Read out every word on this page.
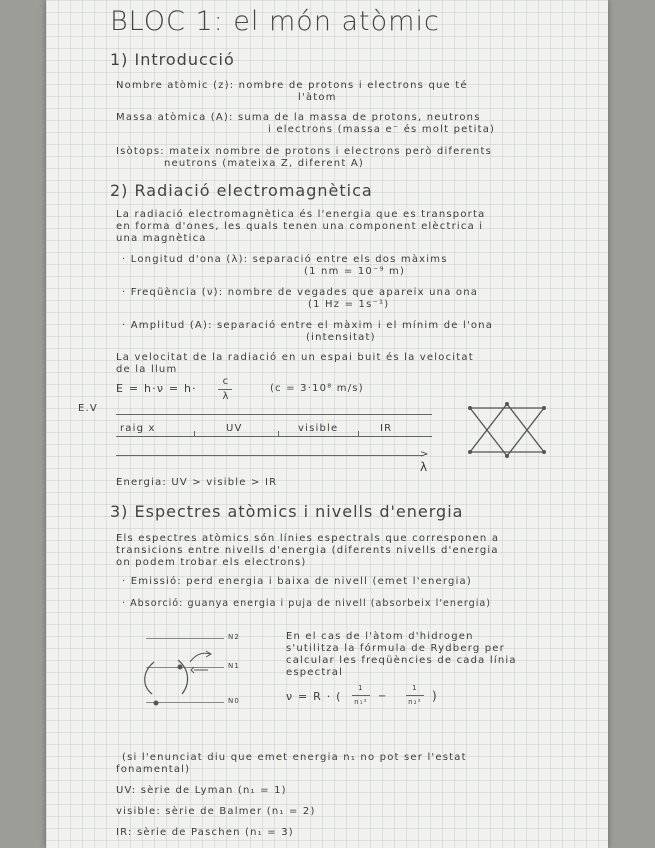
BLOC 1: el món atòmic
1) Introducció
Nombre atòmic (z): nombre de protons i electrons que té
l'àtom
Massa atòmica (A): suma de la massa de protons, neutrons
i electrons (massa e⁻ és molt petita)
Isòtops: mateix nombre de protons i electrons però diferents
neutrons (mateixa Z, diferent A)
2) Radiació electromagnètica
La radiació electromagnètica és l'energia que es transporta
en forma d'ones, les quals tenen una component elèctrica i
una magnètica
· Longitud d'ona (λ): separació entre els dos màxims
(1 nm = 10⁻⁹ m)
· Freqüència (ν): nombre de vegades que apareix una ona
(1 Hz = 1s⁻¹)
· Amplitud (A): separació entre el màxim i el mínim de l'ona
(intensitat)
La velocitat de la radiació en un espai buit és la velocitat
de la llum
E = h·ν = h·
c
λ
(c = 3·10⁸ m/s)
E.V
raig x	UV	visible	IR
>
λ
Energia: UV > visible > IR
3) Espectres atòmics i nivells d'energia
Els espectres atòmics són línies espectrals que corresponen a
transicions entre nivells d'energia (diferents nivells d'energia
on podem trobar els electrons)
· Emissió: perd energia i baixa de nivell (emet l'energia)
· Absorció: guanya energia i puja de nivell (absorbeix l'energia)
N2
N1
N0
En el cas de l'àtom d'hidrogen
s'utilitza la fórmula de Rydberg per
calcular les freqüències de cada línia
espectral
ν = R · (
1
n₁² −
1
n₂² )
(si l'enunciat diu que emet energia n₁ no pot ser l'estat
fonamental)
UV: sèrie de Lyman (n₁ = 1)
visible: sèrie de Balmer (n₁ = 2)
IR: sèrie de Paschen (n₁ = 3)
